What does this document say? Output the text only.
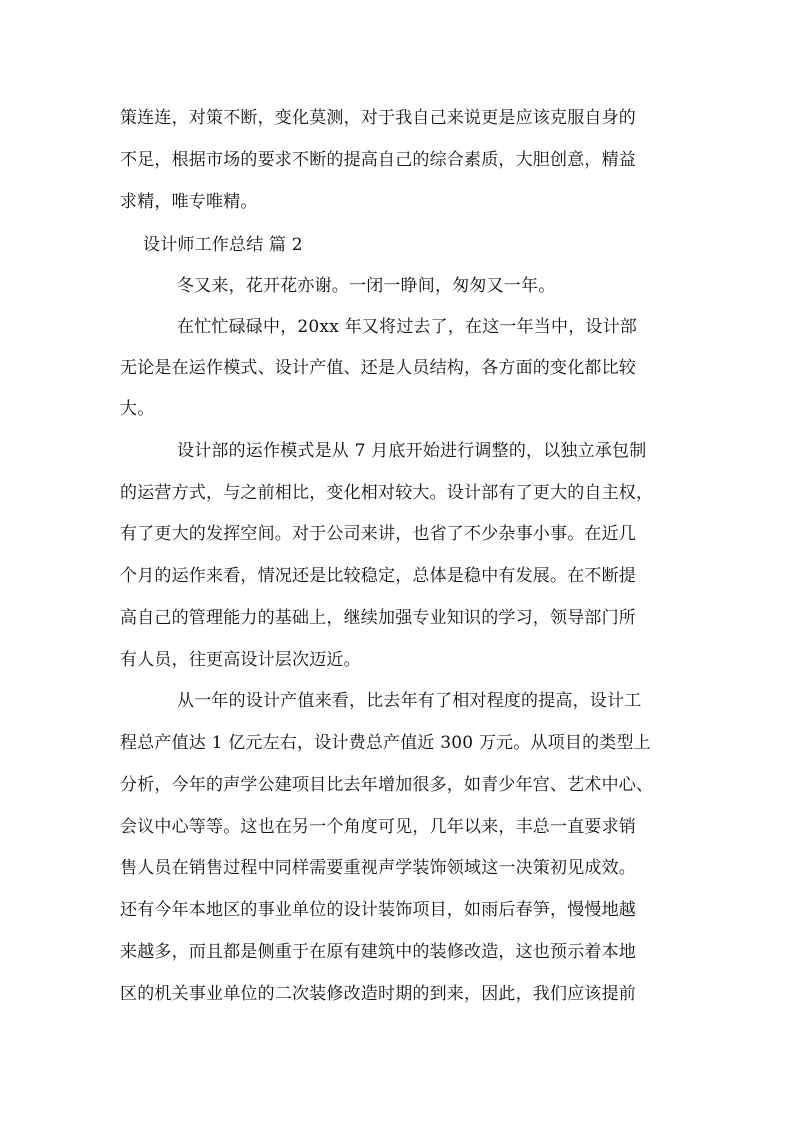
策连连，对策不断，变化莫测，对于我自己来说更是应该克服自身的
不足，根据市场的要求不断的提高自己的综合素质，大胆创意，精益
求精，唯专唯精。
设计师工作总结 篇 2
冬又来，花开花亦谢。一闭一睁间，匆匆又一年。
在忙忙碌碌中，20xx 年又将过去了，在这一年当中，设计部
无论是在运作模式、设计产值、还是人员结构，各方面的变化都比较
大。
设计部的运作模式是从 7 月底开始进行调整的，以独立承包制
的运营方式，与之前相比，变化相对较大。设计部有了更大的自主权，
有了更大的发挥空间。对于公司来讲，也省了不少杂事小事。在近几
个月的运作来看，情况还是比较稳定，总体是稳中有发展。在不断提
高自己的管理能力的基础上，继续加强专业知识的学习，领导部门所
有人员，往更高设计层次迈近。
从一年的设计产值来看，比去年有了相对程度的提高，设计工
程总产值达 1 亿元左右，设计费总产值近 300 万元。从项目的类型上
分析，今年的声学公建项目比去年增加很多，如青少年宫、艺术中心、
会议中心等等。这也在另一个角度可见，几年以来，丰总一直要求销
售人员在销售过程中同样需要重视声学装饰领域这一决策初见成效。
还有今年本地区的事业单位的设计装饰项目，如雨后春笋，慢慢地越
来越多，而且都是侧重于在原有建筑中的装修改造，这也预示着本地
区的机关事业单位的二次装修改造时期的到来，因此，我们应该提前
